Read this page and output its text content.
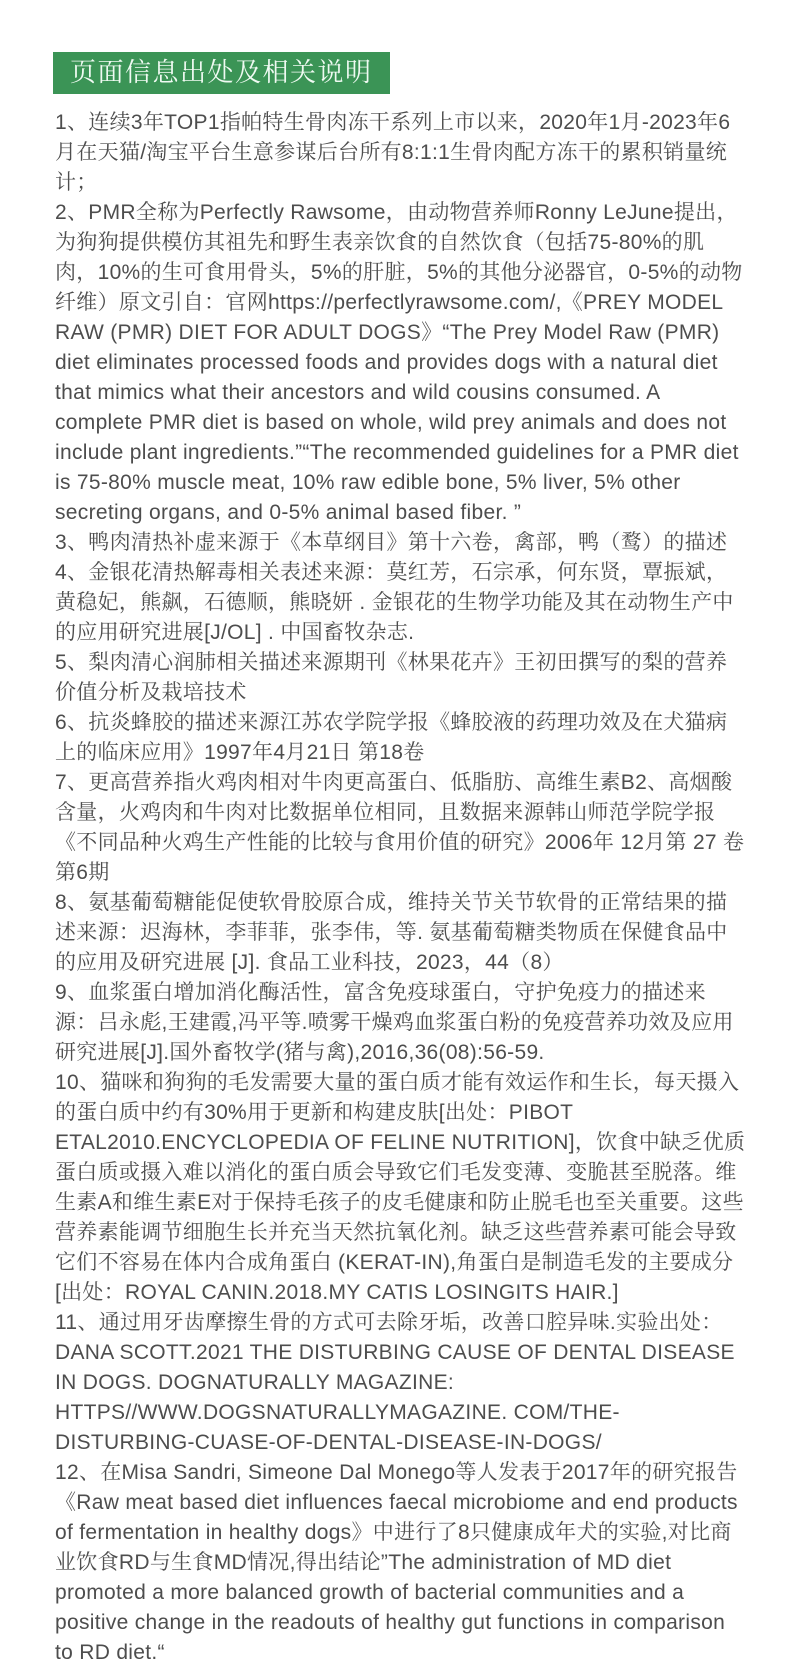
页面信息出处及相关说明

1、连续3年TOP1指帕特生骨肉冻干系列上市以来，2020年1月-2023年6月在天猫/淘宝平台生意参谋后台所有8:1:1生骨肉配方冻干的累积销量统计；

2、PMR全称为Perfectly Rawsome，由动物营养师Ronny LeJune提出，为狗狗提供模仿其祖先和野生表亲饮食的自然饮食（包括75-80%的肌肉，10%的生可食用骨头，5%的肝脏，5%的其他分泌器官，0-5%的动物纤维）原文引自：官网https://perfectlyrawsome.com/,《PREY MODEL RAW (PMR) DIET FOR ADULT DOGS》“The Prey Model Raw (PMR) diet eliminates processed foods and provides dogs with a natural diet that mimics what their ancestors and wild cousins consumed. A complete PMR diet is based on whole, wild prey animals and does not include plant ingredients.”“The recommended guidelines for a PMR diet is 75-80% muscle meat, 10% raw edible bone, 5% liver, 5% other secreting organs, and 0-5% animal based fiber. ”

3、鸭肉清热补虚来源于《本草纲目》第十六卷，禽部，鸭（鹜）的描述

4、金银花清热解毒相关表述来源：莫红芳，石宗承，何东贤，覃振斌，黄稳妃，熊飙，石德顺，熊晓妍 . 金银花的生物学功能及其在动物生产中的应用研究进展[J/OL] . 中国畜牧杂志.

5、梨肉清心润肺相关描述来源期刊《林果花卉》王初田撰写的梨的营养价值分析及栽培技术

6、抗炎蜂胶的描述来源江苏农学院学报《蜂胶液的药理功效及在犬猫病上的临床应用》1997年4月21日 第18卷

7、更高营养指火鸡肉相对牛肉更高蛋白、低脂肪、高维生素B2、高烟酸含量，火鸡肉和牛肉对比数据单位相同，且数据来源韩山师范学院学报《不同品种火鸡生产性能的比较与食用价值的研究》2006年 12月第 27 卷第6期

8、氨基葡萄糖能促使软骨胶原合成，维持关节关节软骨的正常结果的描述来源：迟海林，李菲菲，张李伟，等. 氨基葡萄糖类物质在保健食品中的应用及研究进展 [J]. 食品工业科技，2023，44（8）

9、血浆蛋白增加消化酶活性，富含免疫球蛋白，守护免疫力的描述来源：吕永彪,王建霞,冯平等.喷雾干燥鸡血浆蛋白粉的免疫营养功效及应用研究进展[J].国外畜牧学(猪与禽),2016,36(08):56-59.

10、猫咪和狗狗的毛发需要大量的蛋白质才能有效运作和生长，每天摄入的蛋白质中约有30%用于更新和构建皮肤[出处：PIBOT ETAL2010.ENCYCLOPEDIA OF FELINE NUTRITION]，饮食中缺乏优质蛋白质或摄入难以消化的蛋白质会导致它们毛发变薄、变脆甚至脱落。维生素A和维生素E对于保持毛孩子的皮毛健康和防止脱毛也至关重要。这些营养素能调节细胞生长并充当天然抗氧化剂。缺乏这些营养素可能会导致它们不容易在体内合成角蛋白 (KERAT-IN),角蛋白是制造毛发的主要成分[出处：ROYAL CANIN.2018.MY CATIS LOSINGITS HAIR.]

11、通过用牙齿摩擦生骨的方式可去除牙垢，改善口腔异味.实验出处： DANA SCOTT.2021 THE DISTURBING CAUSE OF DENTAL DISEASE IN DOGS. DOGNATURALLY MAGAZINE: HTTPS//WWW.DOGSNATURALLYMAGAZINE. COM/THE-DISTURBING-CUASE-OF-DENTAL-DISEASE-IN-DOGS/

12、在Misa Sandri, Simeone Dal Monego等人发表于2017年的研究报告《Raw meat based diet influences faecal microbiome and end products of fermentation in healthy dogs》中进行了8只健康成年犬的实验,对比商业饮食RD与生食MD情况,得出结论”The administration of MD diet promoted a more balanced growth of bacterial communities and a positive change in the readouts of healthy gut functions in comparison to RD diet.“
